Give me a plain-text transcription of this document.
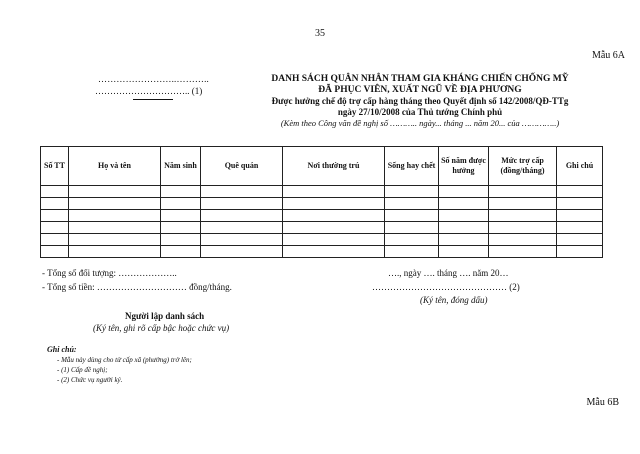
35
Mẫu 6A
……………………..………..
………………………….. (1)
DANH SÁCH QUÂN NHÂN THAM GIA KHÁNG CHIẾN CHỐNG MỸ
ĐÃ PHỤC VIÊN, XUẤT NGŨ VỀ ĐỊA PHƯƠNG
Được hưởng chế độ trợ cấp hàng tháng theo Quyết định số 142/2008/QĐ-TTg
ngày 27/10/2008 của Thủ tướng Chính phủ
(Kèm theo Công văn đề nghị số ……….. ngày... tháng ... năm 20... của …………..)
Số TT	Họ và tên	Năm sinh	Quê quán	Nơi thường trú	Sống hay chết	Số năm được hưởng	Mức trợ cấp (đồng/tháng)	Ghi chú

- Tổng số đối tượng: ………………..
- Tổng số tiền: ………………………… đồng/tháng.
…., ngày …. tháng …. năm 20…
……………………………………… (2)
(Ký tên, đóng dấu)
Người lập danh sách
(Ký tên, ghi rõ cấp bậc hoặc chức vụ)
Ghi chú:
- Mẫu này dùng cho từ cấp xã (phường) trở lên;
- (1) Cấp đề nghị;
- (2) Chức vụ người ký.
Mẫu 6B
